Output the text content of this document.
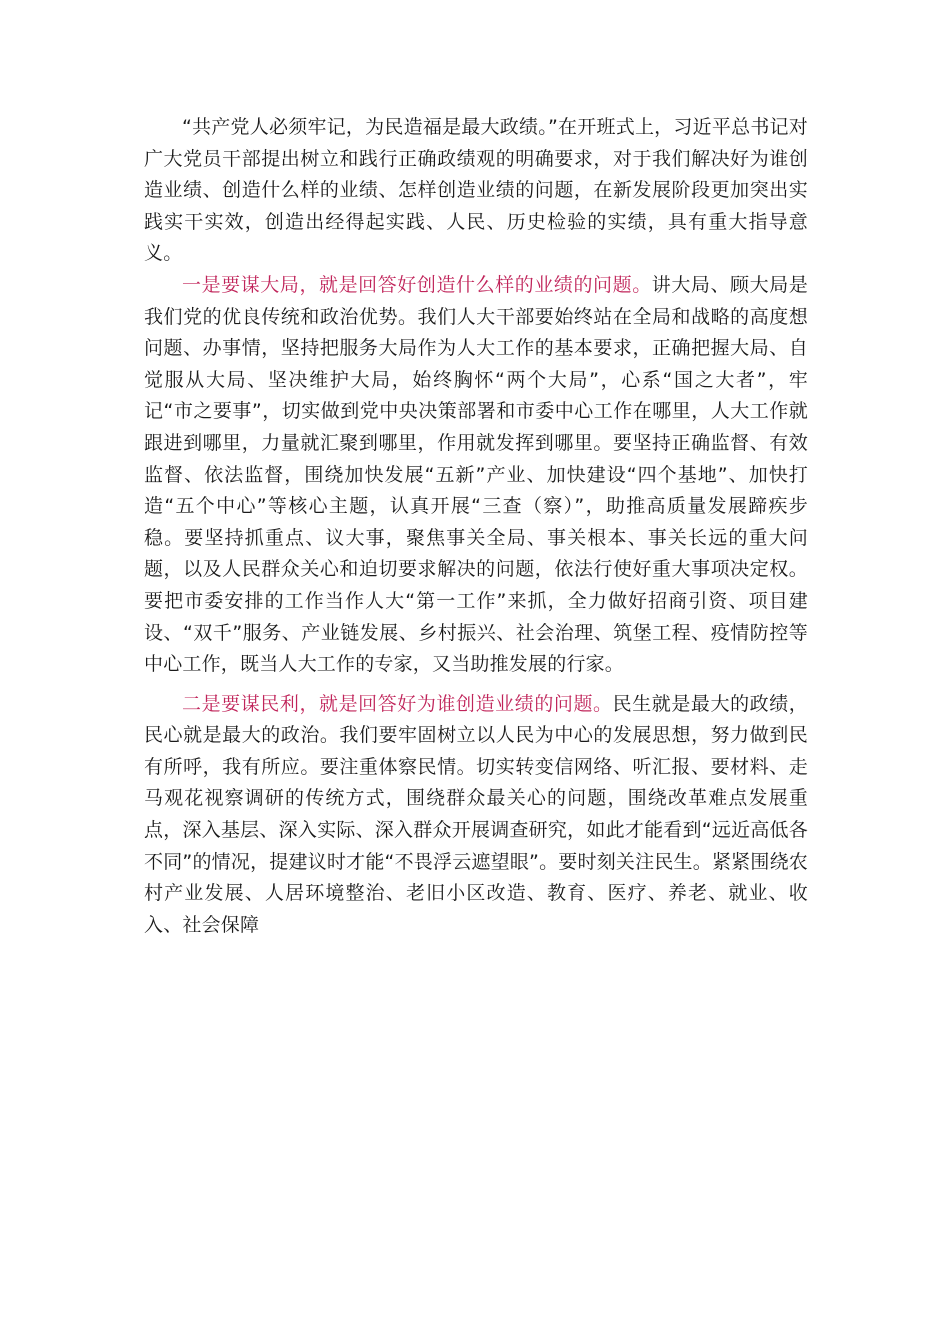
“共产党人必须牢记，为民造福是最大政绩。”在开班式上，习近平总书记对广大党员干部提出树立和践行正确政绩观的明确要求，对于我们解决好为谁创造业绩、创造什么样的业绩、怎样创造业绩的问题，在新发展阶段更加突出实践实干实效，创造出经得起实践、人民、历史检验的实绩，具有重大指导意义。

一是要谋大局，就是回答好创造什么样的业绩的问题。讲大局、顾大局是我们党的优良传统和政治优势。我们人大干部要始终站在全局和战略的高度想问题、办事情，坚持把服务大局作为人大工作的基本要求，正确把握大局、自觉服从大局、坚决维护大局，始终胸怀“两个大局”，心系“国之大者”，牢记“市之要事”，切实做到党中央决策部署和市委中心工作在哪里，人大工作就跟进到哪里，力量就汇聚到哪里，作用就发挥到哪里。要坚持正确监督、有效监督、依法监督，围绕加快发展“五新”产业、加快建设“四个基地”、加快打造“五个中心”等核心主题，认真开展“三查（察）”，助推高质量发展蹄疾步稳。要坚持抓重点、议大事，聚焦事关全局、事关根本、事关长远的重大问题，以及人民群众关心和迫切要求解决的问题，依法行使好重大事项决定权。要把市委安排的工作当作人大“第一工作”来抓，全力做好招商引资、项目建设、“双千”服务、产业链发展、乡村振兴、社会治理、筑堡工程、疫情防控等中心工作，既当人大工作的专家，又当助推发展的行家。

二是要谋民利，就是回答好为谁创造业绩的问题。民生就是最大的政绩，民心就是最大的政治。我们要牢固树立以人民为中心的发展思想，努力做到民有所呼，我有所应。要注重体察民情。切实转变信网络、听汇报、要材料、走马观花视察调研的传统方式，围绕群众最关心的问题，围绕改革难点发展重点，深入基层、深入实际、深入群众开展调查研究，如此才能看到“远近高低各不同”的情况，提建议时才能“不畏浮云遮望眼”。要时刻关注民生。紧紧围绕农村产业发展、人居环境整治、老旧小区改造、教育、医疗、养老、就业、收入、社会保障
